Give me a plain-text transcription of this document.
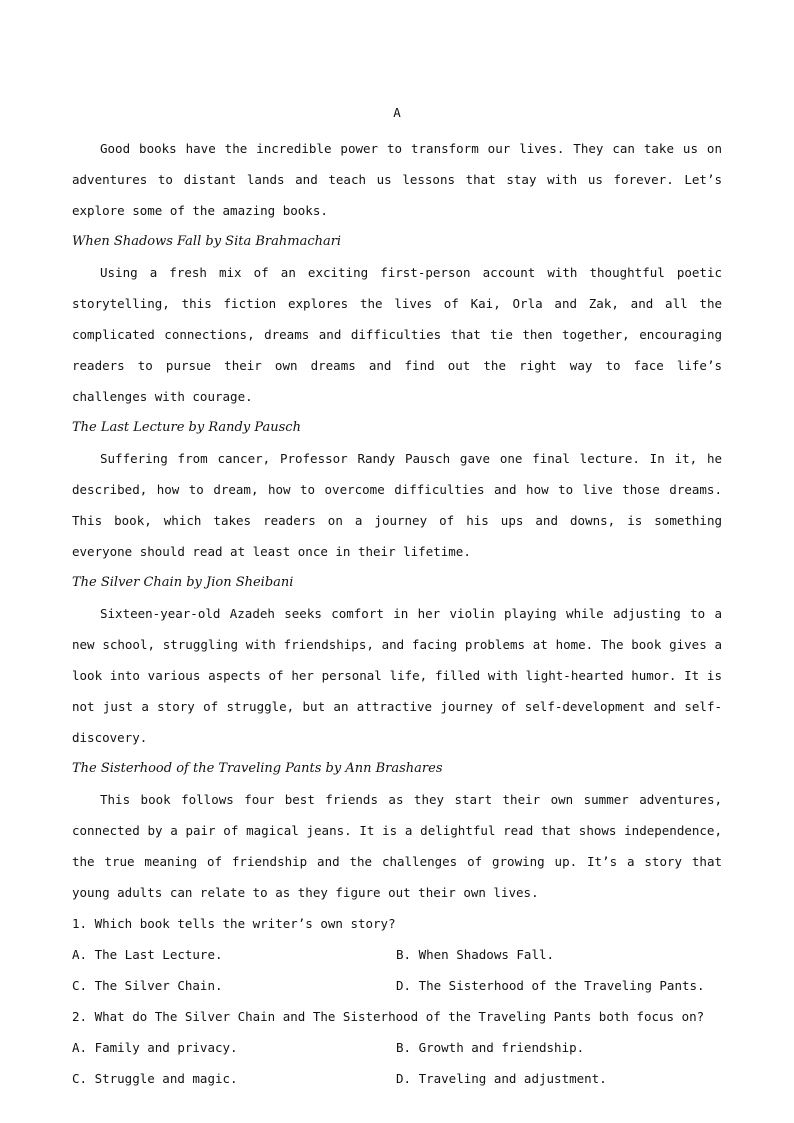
A

Good books have the incredible power to transform our lives. They can take us on adventures to distant lands and teach us lessons that stay with us forever. Let’s explore some of the amazing books.

When Shadows Fall by Sita Brahmachari

Using a fresh mix of an exciting first-person account with thoughtful poetic storytelling, this fiction explores the lives of Kai, Orla and Zak, and all the complicated connections, dreams and difficulties that tie then together, encouraging readers to pursue their own dreams and find out the right way to face life’s challenges with courage.

The Last Lecture by Randy Pausch

Suffering from cancer, Professor Randy Pausch gave one final lecture. In it, he described, how to dream, how to overcome difficulties and how to live those dreams. This book, which takes readers on a journey of his ups and downs, is something everyone should read at least once in their lifetime.

The Silver Chain by Jion Sheibani

Sixteen-year-old Azadeh seeks comfort in her violin playing while adjusting to a new school, struggling with friendships, and facing problems at home. The book gives a look into various aspects of her personal life, filled with light-hearted humor. It is not just a story of struggle, but an attractive journey of self-development and self- discovery.

The Sisterhood of the Traveling Pants by Ann Brashares

This book follows four best friends as they start their own summer adventures, connected by a pair of magical jeans. It is a delightful read that shows independence, the true meaning of friendship and the challenges of growing up. It’s a story that young adults can relate to as they figure out their own lives.

1. Which book tells the writer’s own story?
A. The Last Lecture.	B. When Shadows Fall.
C. The Silver Chain.	D. The Sisterhood of the Traveling Pants.
2. What do The Silver Chain and The Sisterhood of the Traveling Pants both focus on?
A. Family and privacy.	B. Growth and friendship.
C. Struggle and magic.	D. Traveling and adjustment.
